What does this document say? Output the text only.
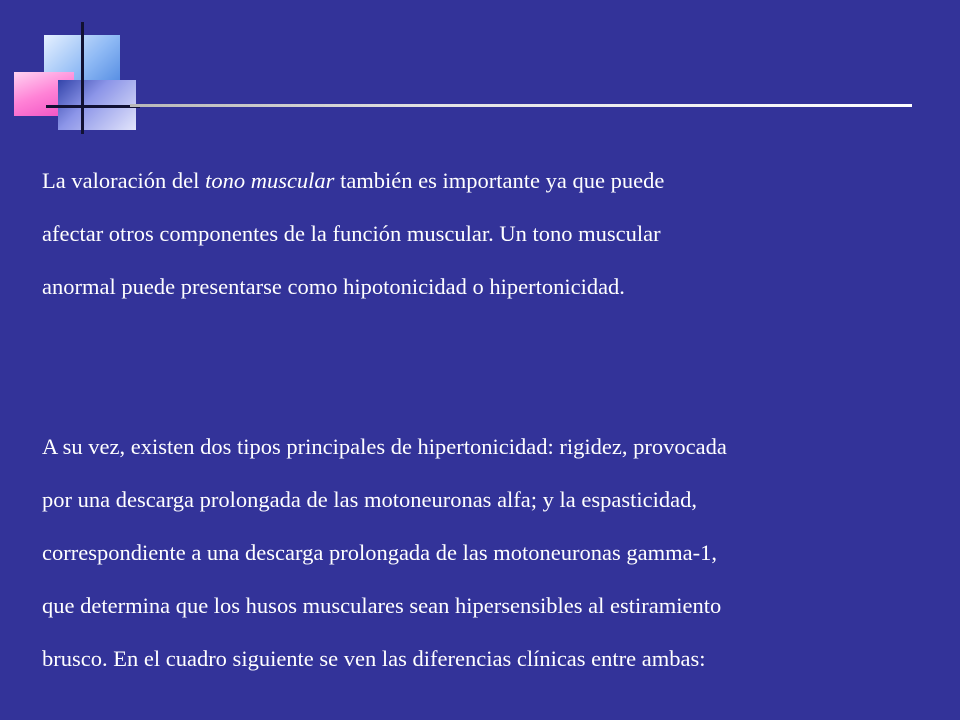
La valoración del tono muscular también es importante ya que puede
afectar otros componentes de la función muscular. Un tono muscular
anormal puede presentarse como hipotonicidad o hipertonicidad.

A su vez, existen dos tipos principales de hipertonicidad: rigidez, provocada
por una descarga prolongada de las motoneuronas alfa; y la espasticidad,
correspondiente a una descarga prolongada de las motoneuronas gamma-1,
que determina que los husos musculares sean hipersensibles al estiramiento
brusco. En el cuadro siguiente se ven las diferencias clínicas entre ambas:
